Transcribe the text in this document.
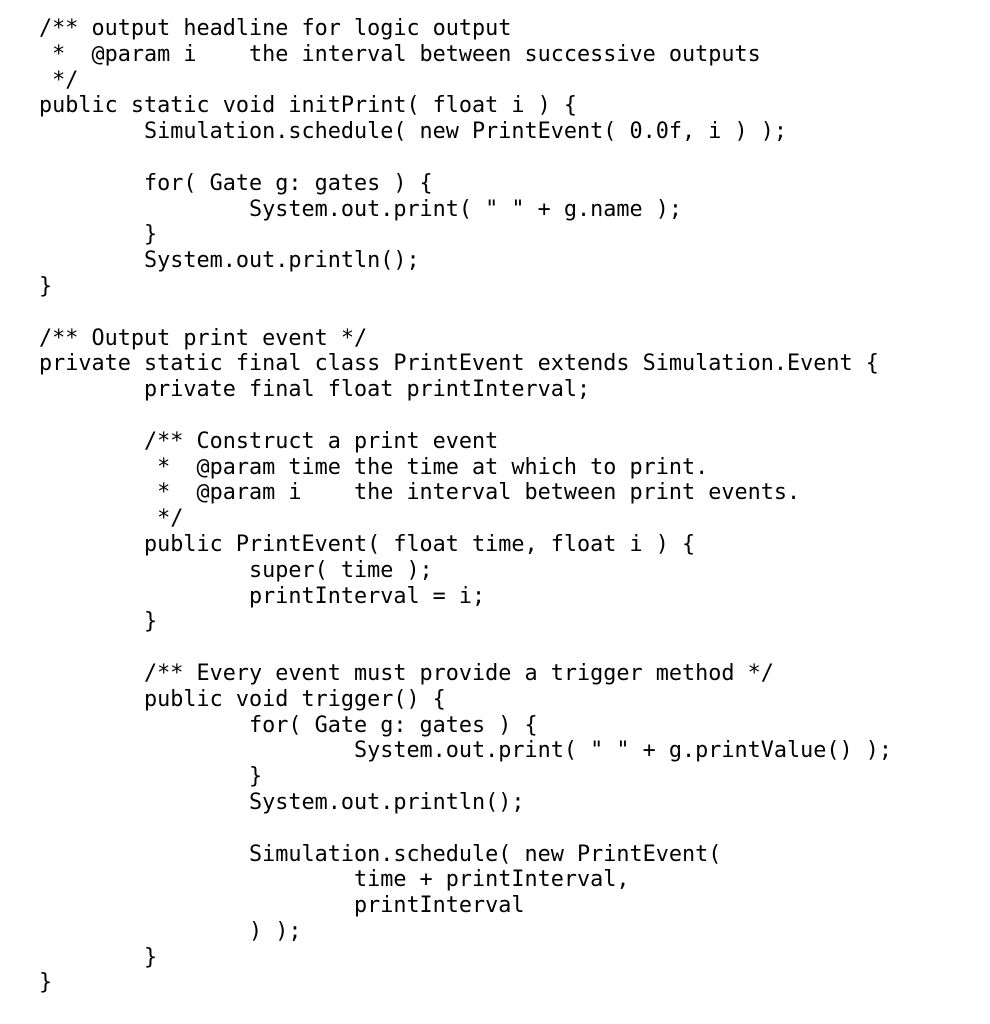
/** output headline for logic output
*  @param i    the interval between successive outputs
*/
public static void initPrint( float i ) {
Simulation.schedule( new PrintEvent( 0.0f, i ) );
for( Gate g: gates ) {
System.out.print( " " + g.name );
}
System.out.println();
}
/** Output print event */
private static final class PrintEvent extends Simulation.Event {
private final float printInterval;
/** Construct a print event
*  @param time the time at which to print.
*  @param i    the interval between print events.
*/
public PrintEvent( float time, float i ) {
super( time );
printInterval = i;
}
/** Every event must provide a trigger method */
public void trigger() {
for( Gate g: gates ) {
System.out.print( " " + g.printValue() );
}
System.out.println();
Simulation.schedule( new PrintEvent(
time + printInterval,
printInterval
) );
}
}
